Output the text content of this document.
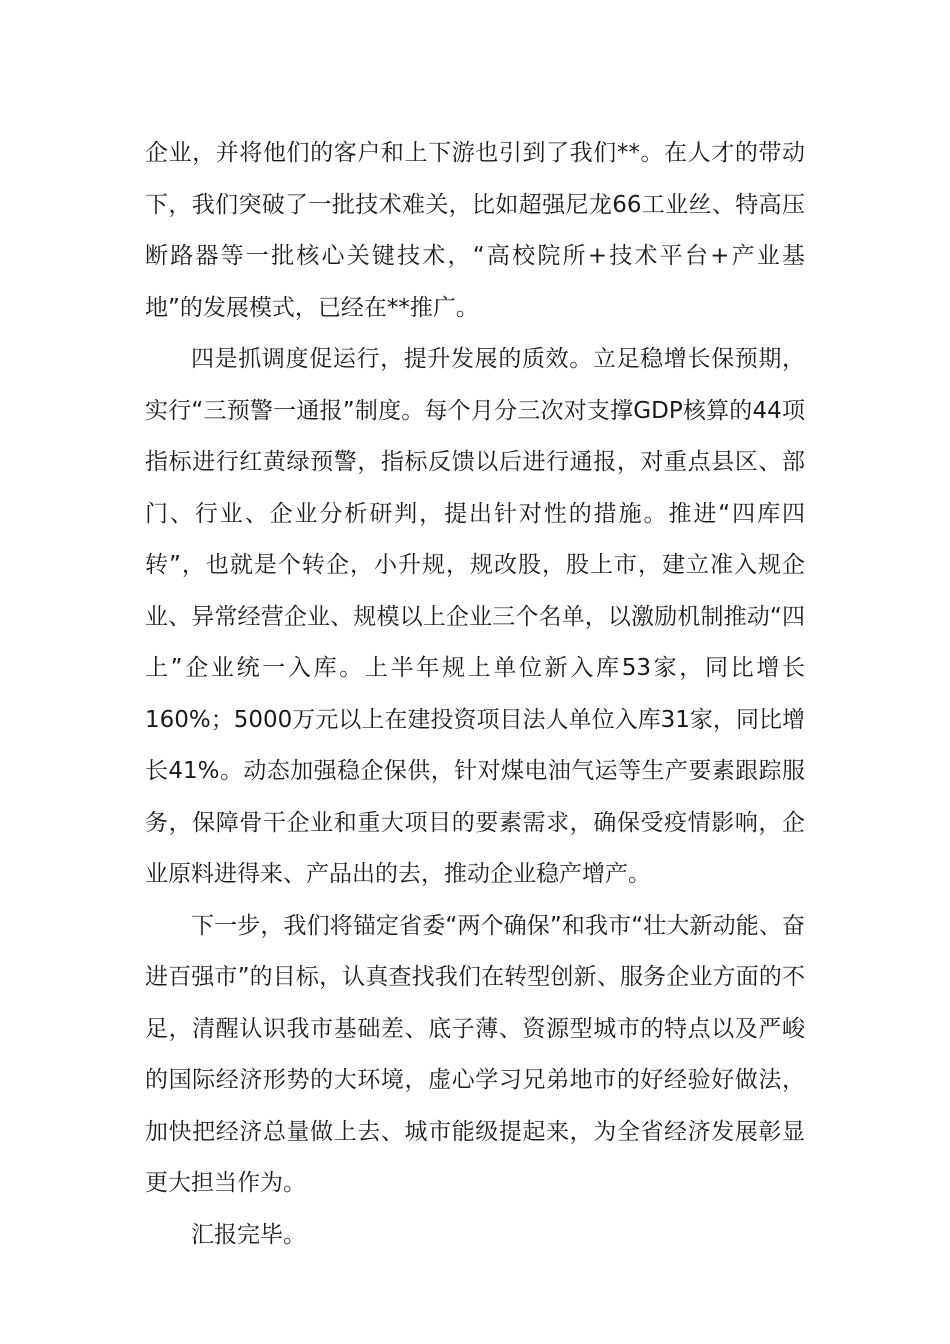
企业，并将他们的客户和上下游也引到了我们**。在人才的带动下，我们突破了一批技术难关，比如超强尼龙66工业丝、特高压断路器等一批核心关键技术，“高校院所+技术平台+产业基地”的发展模式，已经在**推广。

四是抓调度促运行，提升发展的质效。立足稳增长保预期，实行“三预警一通报”制度。每个月分三次对支撑GDP核算的44项指标进行红黄绿预警，指标反馈以后进行通报，对重点县区、部门、行业、企业分析研判，提出针对性的措施。推进“四库四转”，也就是个转企，小升规，规改股，股上市，建立准入规企业、异常经营企业、规模以上企业三个名单，以激励机制推动“四上”企业统一入库。上半年规上单位新入库53家，同比增长160%；5000万元以上在建投资项目法人单位入库31家，同比增长41%。动态加强稳企保供，针对煤电油气运等生产要素跟踪服务，保障骨干企业和重大项目的要素需求，确保受疫情影响，企业原料进得来、产品出的去，推动企业稳产增产。

下一步，我们将锚定省委“两个确保”和我市“壮大新动能、奋进百强市”的目标，认真查找我们在转型创新、服务企业方面的不足，清醒认识我市基础差、底子薄、资源型城市的特点以及严峻的国际经济形势的大环境，虚心学习兄弟地市的好经验好做法，加快把经济总量做上去、城市能级提起来，为全省经济发展彰显更大担当作为。

汇报完毕。
